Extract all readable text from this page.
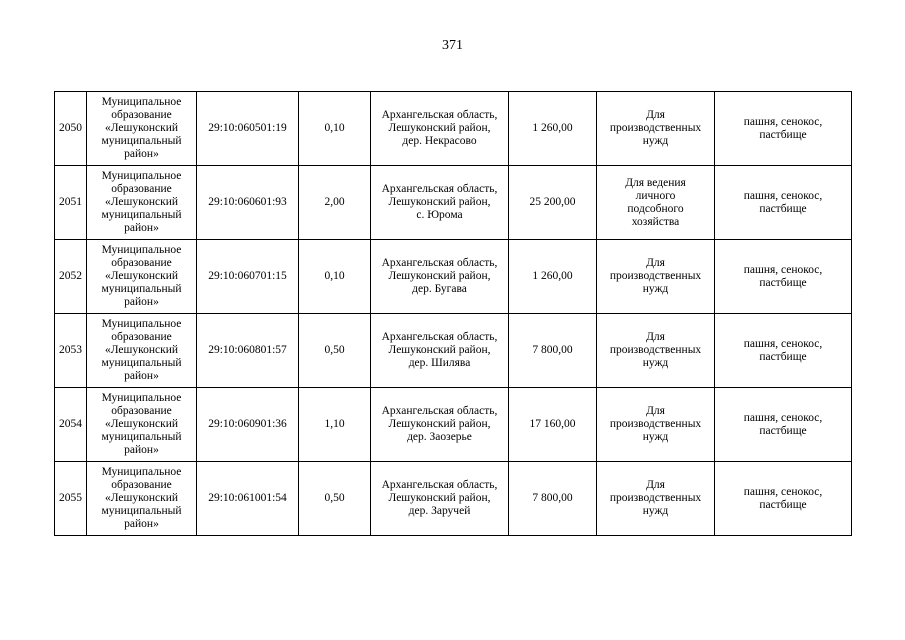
371
2050	Муниципальное
образование
«Лешуконский
муниципальный
район»	29:10:060501:19	0,10	Архангельская область,
Лешуконский район,
дер. Некрасово	1 260,00	Для
производственных
нужд	пашня, сенокос,
пастбище
2051	Муниципальное
образование
«Лешуконский
муниципальный
район»	29:10:060601:93	2,00	Архангельская область,
Лешуконский район,
с. Юрома	25 200,00	Для ведения
личного
подсобного
хозяйства	пашня, сенокос,
пастбище
2052	Муниципальное
образование
«Лешуконский
муниципальный
район»	29:10:060701:15	0,10	Архангельская область,
Лешуконский район,
дер. Бугава	1 260,00	Для
производственных
нужд	пашня, сенокос,
пастбище
2053	Муниципальное
образование
«Лешуконский
муниципальный
район»	29:10:060801:57	0,50	Архангельская область,
Лешуконский район,
дер. Шилява	7 800,00	Для
производственных
нужд	пашня, сенокос,
пастбище
2054	Муниципальное
образование
«Лешуконский
муниципальный
район»	29:10:060901:36	1,10	Архангельская область,
Лешуконский район,
дер. Заозерье	17 160,00	Для
производственных
нужд	пашня, сенокос,
пастбище
2055	Муниципальное
образование
«Лешуконский
муниципальный
район»	29:10:061001:54	0,50	Архангельская область,
Лешуконский район,
дер. Заручей	7 800,00	Для
производственных
нужд	пашня, сенокос,
пастбище
